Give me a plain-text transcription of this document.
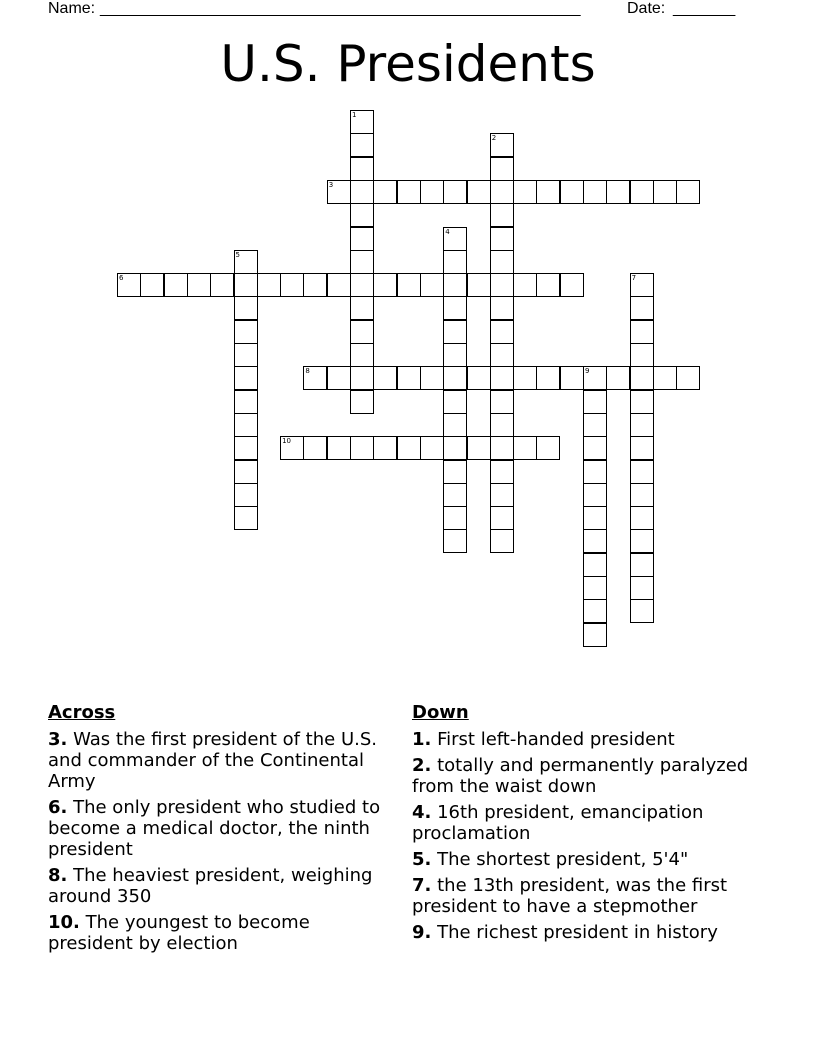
Name: ______________________________________________________	Date: _______
U.S. Presidents
3
6
8	9
10
1
2
4
5
7
Across
3. Was the first president of the U.S. and commander of the Continental Army
6. The only president who studied to become a medical doctor, the ninth president
8. The heaviest president, weighing around 350
10. The youngest to become president by election
Down
1. First left-handed president
2. totally and permanently paralyzed from the waist down
4. 16th president, emancipation proclamation
5. The shortest president, 5'4"
7. the 13th president, was the first president to have a stepmother
9. The richest president in history
